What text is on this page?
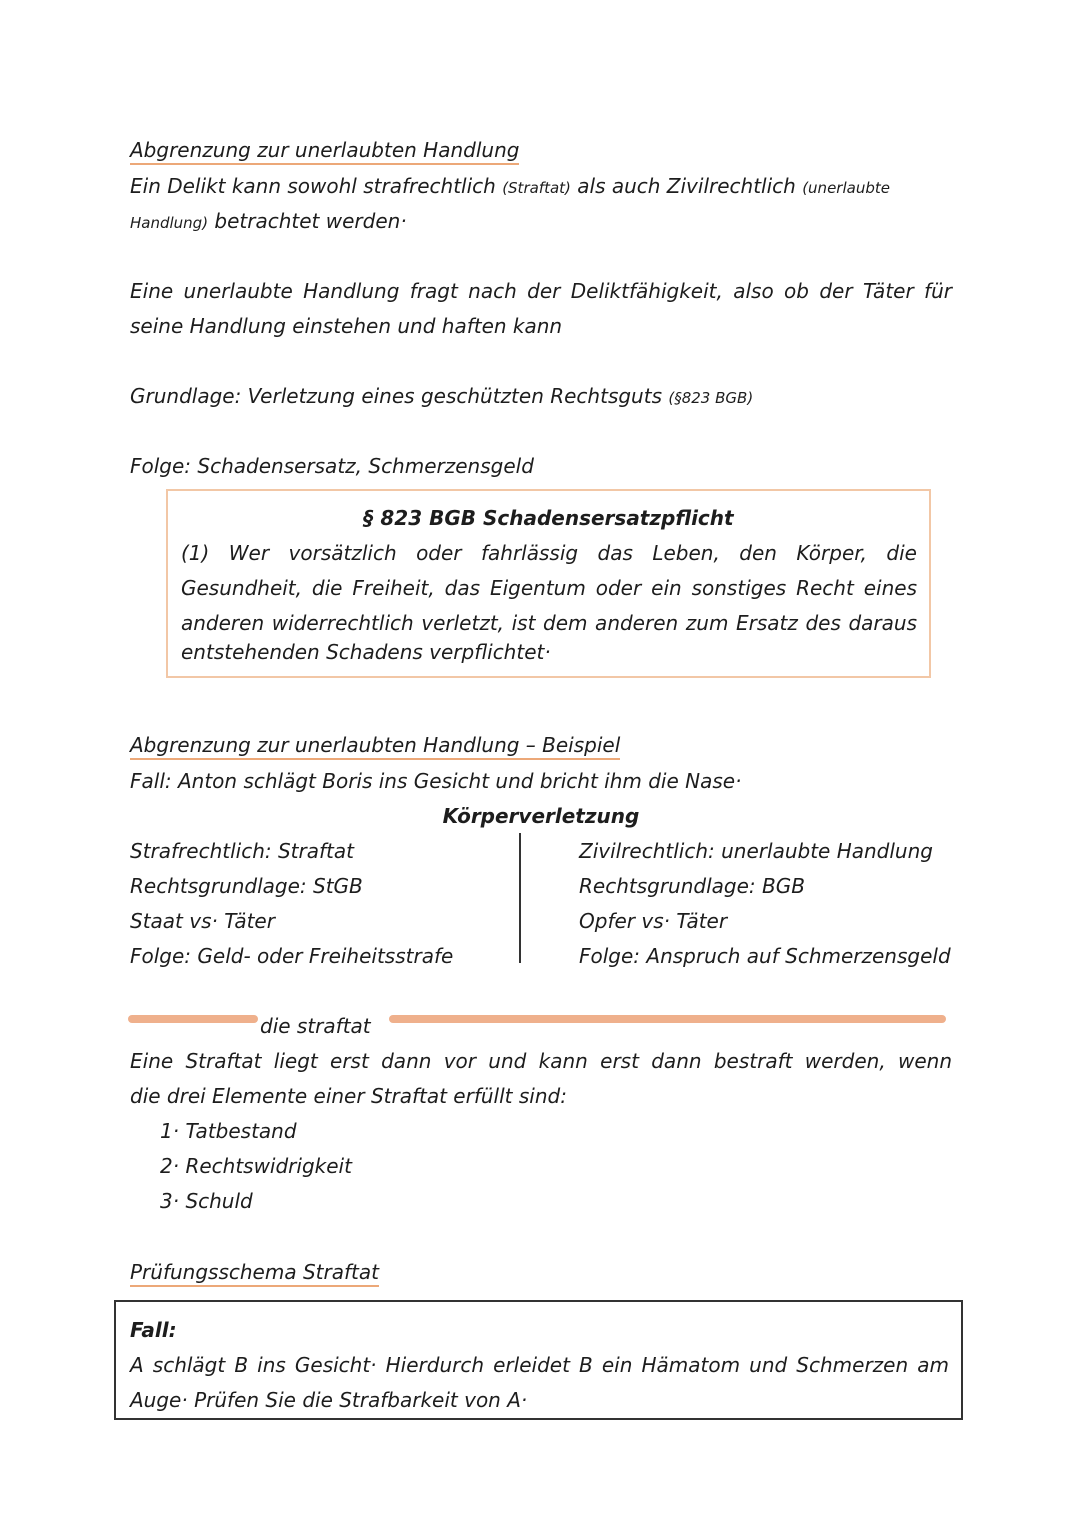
Abgrenzung zur unerlaubten Handlung
Ein Delikt kann sowohl strafrechtlich (Straftat) als auch Zivilrechtlich (unerlaubte
Handlung) betrachtet werden·
Eine unerlaubte Handlung fragt nach der Deliktfähigkeit, also ob der Täter für
seine Handlung einstehen und haften kann
Grundlage: Verletzung eines geschützten Rechtsguts (§823 BGB)
Folge: Schadensersatz, Schmerzensgeld
§ 823 BGB Schadensersatzpflicht
(1) Wer vorsätzlich oder fahrlässig das Leben, den Körper, die
Gesundheit, die Freiheit, das Eigentum oder ein sonstiges Recht eines
anderen widerrechtlich verletzt, ist dem anderen zum Ersatz des daraus
entstehenden Schadens verpflichtet·
Abgrenzung zur unerlaubten Handlung – Beispiel
Fall: Anton schlägt Boris ins Gesicht und bricht ihm die Nase·
Körperverletzung
Strafrechtlich: Straftat
Rechtsgrundlage: StGB
Staat vs· Täter
Folge: Geld- oder Freiheitsstrafe
Zivilrechtlich: unerlaubte Handlung
Rechtsgrundlage: BGB
Opfer vs· Täter
Folge: Anspruch auf Schmerzensgeld
die straftat
Eine Straftat liegt erst dann vor und kann erst dann bestraft werden, wenn
die drei Elemente einer Straftat erfüllt sind:
1· Tatbestand
2· Rechtswidrigkeit
3· Schuld
Prüfungsschema Straftat
Fall:
A schlägt B ins Gesicht· Hierdurch erleidet B ein Hämatom und Schmerzen am
Auge· Prüfen Sie die Strafbarkeit von A·
